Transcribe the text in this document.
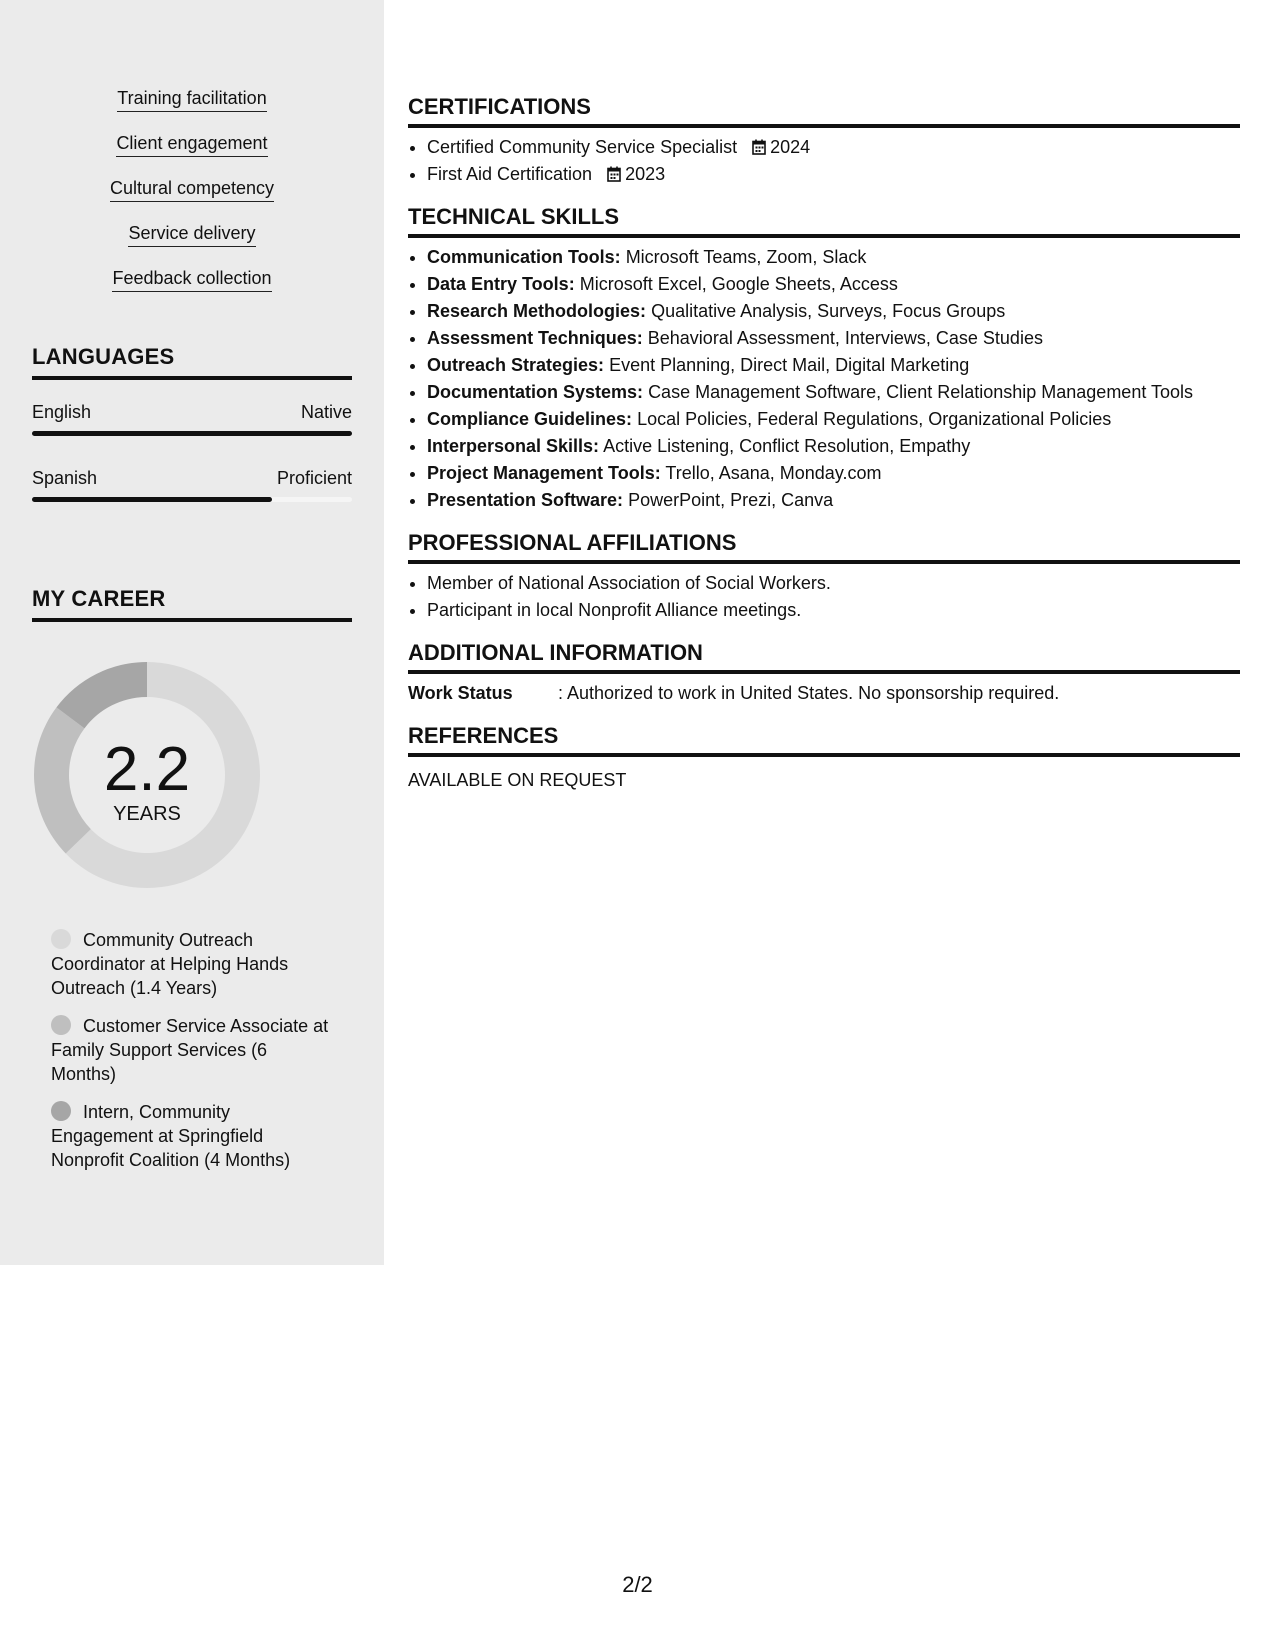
Training facilitation
Client engagement
Cultural competency
Service delivery
Feedback collection
LANGUAGES
English	Native
Spanish	Proficient
MY CAREER
2.2
YEARS
Community Outreach Coordinator at Helping Hands Outreach (1.4 Years)
Customer Service Associate at Family Support Services (6 Months)
Intern, Community Engagement at Springfield Nonprofit Coalition (4 Months)
CERTIFICATIONS
• Certified Community Service Specialist 2024
• First Aid Certification 2023
TECHNICAL SKILLS
• Communication Tools: Microsoft Teams, Zoom, Slack
• Data Entry Tools: Microsoft Excel, Google Sheets, Access
• Research Methodologies: Qualitative Analysis, Surveys, Focus Groups
• Assessment Techniques: Behavioral Assessment, Interviews, Case Studies
• Outreach Strategies: Event Planning, Direct Mail, Digital Marketing
• Documentation Systems: Case Management Software, Client Relationship Management Tools
• Compliance Guidelines: Local Policies, Federal Regulations, Organizational Policies
• Interpersonal Skills: Active Listening, Conflict Resolution, Empathy
• Project Management Tools: Trello, Asana, Monday.com
• Presentation Software: PowerPoint, Prezi, Canva
PROFESSIONAL AFFILIATIONS
• Member of National Association of Social Workers.
• Participant in local Nonprofit Alliance meetings.
ADDITIONAL INFORMATION
Work Status	: Authorized to work in United States. No sponsorship required.
REFERENCES
AVAILABLE ON REQUEST
2/2
